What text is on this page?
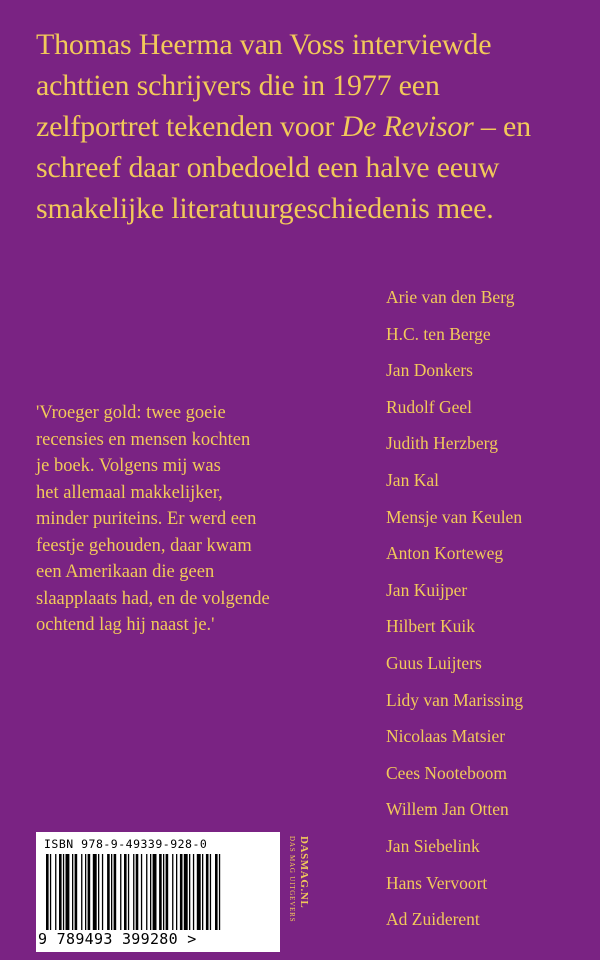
Thomas Heerma van Voss interviewde
achttien schrijvers die in 1977 een
zelfportret tekenden voor De Revisor – en
schreef daar onbedoeld een halve eeuw
smakelijke literatuurgeschiedenis mee.

'Vroeger gold: twee goeie
recensies en mensen kochten
je boek. Volgens mij was
het allemaal makkelijker,
minder puriteins. Er werd een
feestje gehouden, daar kwam
een Amerikaan die geen
slaapplaats had, en de volgende
ochtend lag hij naast je.'

Arie van den Berg
H.C. ten Berge
Jan Donkers
Rudolf Geel
Judith Herzberg
Jan Kal
Mensje van Keulen
Anton Korteweg
Jan Kuijper
Hilbert Kuik
Guus Luijters
Lidy van Marissing
Nicolaas Matsier
Cees Nooteboom
Willem Jan Otten
Jan Siebelink
Hans Vervoort
Ad Zuiderent
ISBN 978-9-49339-928-0
9 789493 399280 >
DAS MAG UITGEVERS DASMAG.NL
